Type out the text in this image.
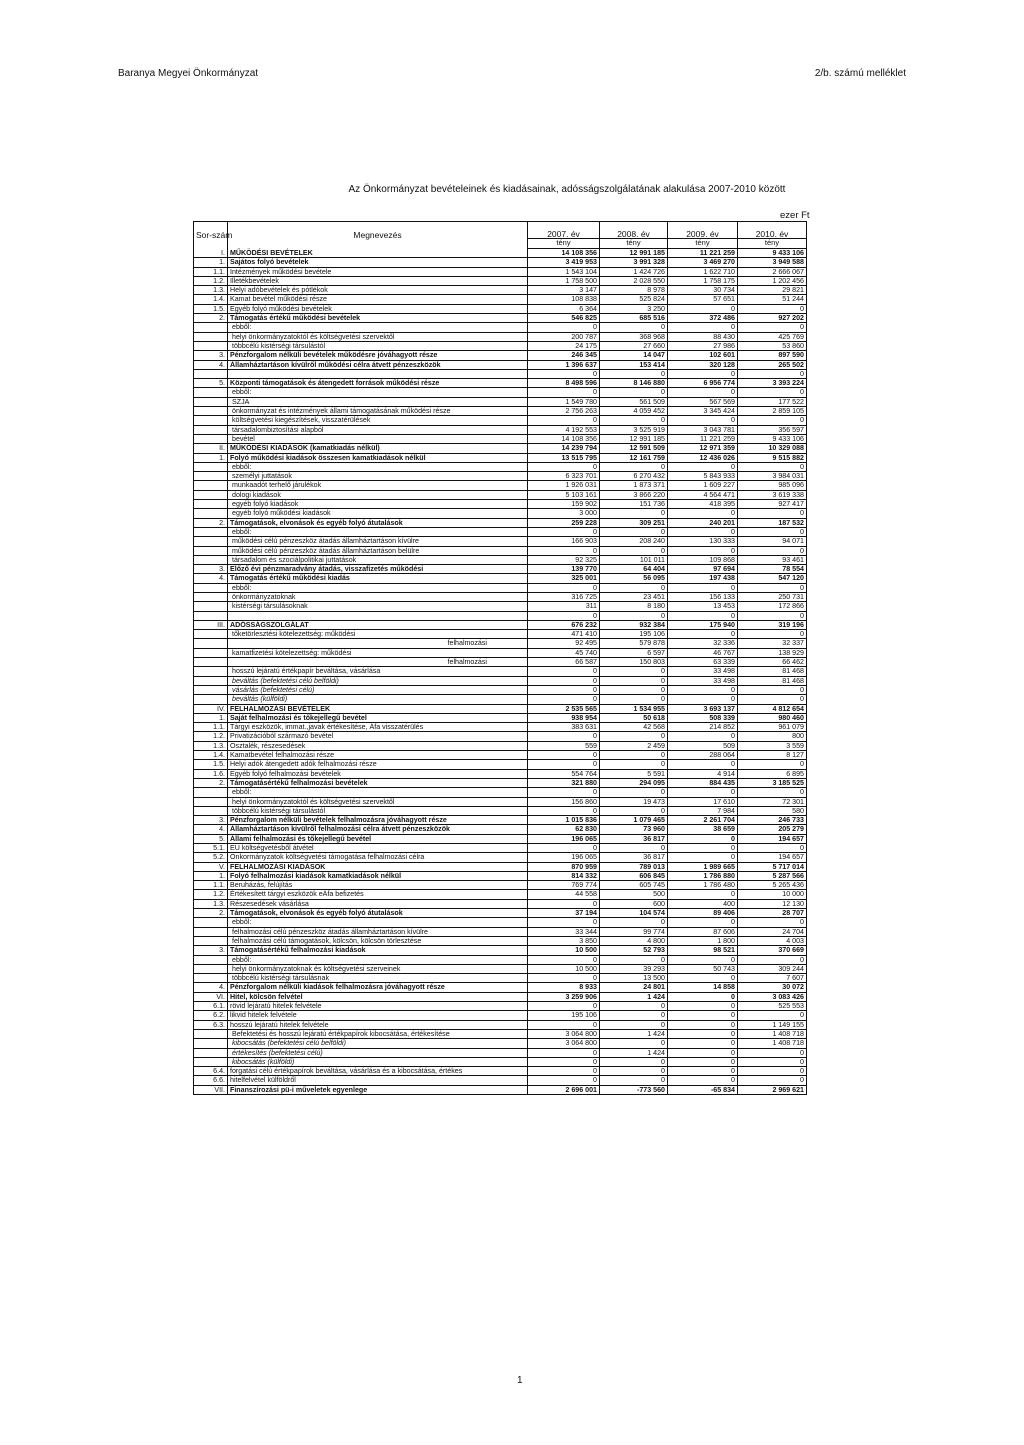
Baranya Megyei Önkormányzat	2/b. számú melléklet
Az Önkormányzat bevételeinek és kiadásainak, adósságszolgálatának alakulása 2007-2010 között
ezer Ft
Sor-szám	Megnevezés	2007. év	2008. év	2009. év	2010. év
		tény	tény	tény	tény
I.	MŰKÖDÉSI BEVÉTELEK	14 108 356	12 991 185	11 221 259	9 433 106
1.	Sajátos folyó bevételek	3 419 953	3 991 328	3 469 270	3 949 588
1.1.	Intézmények működési bevétele	1 543 104	1 424 726	1 622 710	2 666 067
1.2.	Illetékbevételek	1 758 500	2 028 550	1 758 175	1 202 456
1.3.	Helyi adóbevételek és pótlékok	3 147	8 978	30 734	29 821
1.4.	Kamat bevétel működési része	108 838	525 824	57 651	51 244
1.5.	Egyéb folyó működési bevételek	6 364	3 250	0	0
2.	Támogatás értékű működési bevételek	546 825	685 516	372 486	927 202
	ebből:	0	0	0	0
	helyi önkormányzatoktól és költségvetési szervektől	200 787	368 968	88 430	425 769
	többcélú kistérségi társulástól	24 175	27 660	27 986	53 860
3.	Pénzforgalom nélküli bevételek működésre jóváhagyott része	246 345	14 047	102 601	897 590
4.	Államháztartáson kívülről működési célra átvett pénzeszközök	1 396 637	153 414	320 128	265 502
		0	0	0	0
5.	Központi támogatások és átengedett források működési része	8 498 596	8 146 880	6 956 774	3 393 224
	ebből:	0	0	0	0
	SZJA	1 549 780	561 509	567 569	177 522
	önkormányzat és intézmények állami támogatásának működési része	2 756 263	4 059 452	3 345 424	2 859 105
	költségvetési kiegészítések, visszatérülések	0	0	0	0
	társadalombiztosítási alapból	4 192 553	3 525 919	3 043 781	356 597
	bevétel	14 108 356	12 991 185	11 221 259	9 433 106
II.	MŰKÖDÉSI KIADÁSOK (kamatkiadás nélkül)	14 239 794	12 591 509	12 971 359	10 329 088
1.	Folyó működési kiadások összesen kamatkiadások nélkül	13 515 795	12 161 759	12 436 026	9 515 882
	ebből:	0	0	0	0
	személyi juttatások	6 323 701	6 270 432	5 843 933	3 984 031
	munkaadót terhelő járulékok	1 926 031	1 873 371	1 609 227	985 096
	dologi kiadások	5 103 161	3 866 220	4 564 471	3 619 338
	egyéb folyó kiadások	159 902	151 736	418 395	927 417
	egyéb folyó működési kiadások	3 000	0	0	0
2.	Támogatások, elvonások és egyéb folyó átutalások	259 228	309 251	240 201	187 532
	ebből:	0	0	0	0
	működési célú pénzeszköz átadás államháztartáson kívülre	166 903	208 240	130 333	94 071
	működési célú pénzeszköz átadás államháztartáson belülre	0	0	0	0
	társadalom és szociálpolitikai juttatások	92 325	101 011	109 868	93 461
3.	Előző évi pénzmaradvány átadás, visszafizetés működési	139 770	64 404	97 694	78 554
4.	Támogatás értékű működési kiadás	325 001	56 095	197 438	547 120
	ebből:	0	0	0	0
	önkormányzatoknak	316 725	23 451	156 133	250 731
	kistérségi társulásoknak	311	8 180	13 453	172 866
		0	0	0	0
III.	ADÓSSÁGSZOLGÁLAT	676 232	932 384	175 940	319 196
	tőketörlesztési kötelezettség: működési	471 410	195 106	0	0
	felhalmozási	92 495	579 878	32 336	32 337
	kamatfizetési kötelezettség: működési	45 740	6 597	46 767	138 929
	felhalmozási	66 587	150 803	63 339	66 462
	hosszú lejáratú értékpapír beváltása, vásárlása	0	0	33 498	81 468
	beváltás (befektetési célú belföldi)	0	0	33 498	81 468
	vásárlás (befektetési célú)	0	0	0	0
	beváltás (külföldi)	0	0	0	0
IV.	FELHALMOZÁSI BEVÉTELEK	2 535 565	1 534 955	3 693 137	4 812 654
1.	Saját felhalmozási és tőkejellegű bevétel	938 954	50 618	508 339	980 460
1.1.	Tárgyi eszközök, immat.,javak értékesítése, Áfa visszatérülés	383 631	42 568	214 852	961 079
1.2.	Privatizációból származó bevétel	0	0	0	800
1.3.	Osztalék, részesedések	559	2 459	509	3 559
1.4.	Kamatbevétel felhalmozási része	0	0	288 064	8 127
1.5.	Helyi adók átengedett adók felhalmozási része	0	0	0	0
1.6.	Egyéb folyó felhalmozási bevételek	554 764	5 591	4 914	6 895
2.	Támogatásértékű felhalmozási bevételek	321 880	294 095	884 435	3 185 525
	ebből:	0	0	0	0
	helyi önkormányzatoktól és költségvetési szervektől	156 860	19 473	17 610	72 301
	többcélú kistérségi társulástól	0	0	7 984	580
3.	Pénzforgalom nélküli bevételek felhalmozásra jóváhagyott része	1 015 836	1 079 465	2 261 704	246 733
4.	Államháztartáson kívülről felhalmozási célra átvett pénzeszközök	62 830	73 960	38 659	205 279
5.	Állami felhalmozási és tőkejellegű bevétel	196 065	36 817	0	194 657
5.1.	EU költségvetésből átvétel	0	0	0	0
5.2.	Önkormányzatok költségvetési támogatása felhalmozási célra	196 065	36 817	0	194 657
V.	FELHALMOZÁSI KIADÁSOK	870 959	789 013	1 989 665	5 717 014
1.	Folyó felhalmozási kiadások kamatkiadások nélkül	814 332	606 845	1 786 880	5 287 566
1.1.	Beruházás, felújítás	769 774	605 745	1 786 480	5 265 436
1.2.	Értékesített tárgyi eszközök eÁfa befizetés	44 558	500	0	10 000
1.3.	Részesedések vásárlása	0	600	400	12 130
2.	Támogatások, elvonások és egyéb folyó átutalások	37 194	104 574	89 406	28 707
	ebből:	0	0	0	0
	felhalmozási célú pénzeszköz átadás államháztartáson kívülre	33 344	99 774	87 606	24 704
	felhalmozási célú támogatások, kölcsön, kölcsön törlesztése	3 850	4 800	1 800	4 003
3.	Támogatásértékű felhalmozási kiadások	10 500	52 793	98 521	370 669
	ebből:	0	0	0	0
	helyi önkormányzatoknak és költségvetési szerveinek	10 500	39 293	50 743	309 244
	többcélú kistérségi társulásnak	0	13 500	0	7 607
4.	Pénzforgalom nélküli kiadások felhalmozásra jóváhagyott része	8 933	24 801	14 858	30 072
VI.	Hitel, kölcsön felvétel	3 259 906	1 424	0	3 083 426
6.1.	rövid lejáratú hitelek felvétele	0	0	0	525 553
6.2.	likvid hitelek felvétele	195 106	0	0	0
6.3.	hosszú lejáratú hitelek felvétele	0	0	0	1 149 155
	Befektetési és hosszú lejáratú értékpapírok kibocsátása, értékesítése	3 064 800	1 424	0	1 408 718
	kibocsátás (befektetési célú belföldi)	3 064 800	0	0	1 408 718
	értékesítés (befektetési célú)	0	1 424	0	0
	kibocsátás (külföldi)	0	0	0	0
6.4.	forgatási célú értékpapírok beváltása, vásárlása és a kibocsátása, értékes	0	0	0	0
6.6.	hitelfelvétel külföldről	0	0	0	0
VII.	Finanszírozási pü-i műveletek egyenlege	2 696 001	-773 560	-65 834	2 969 621
1
